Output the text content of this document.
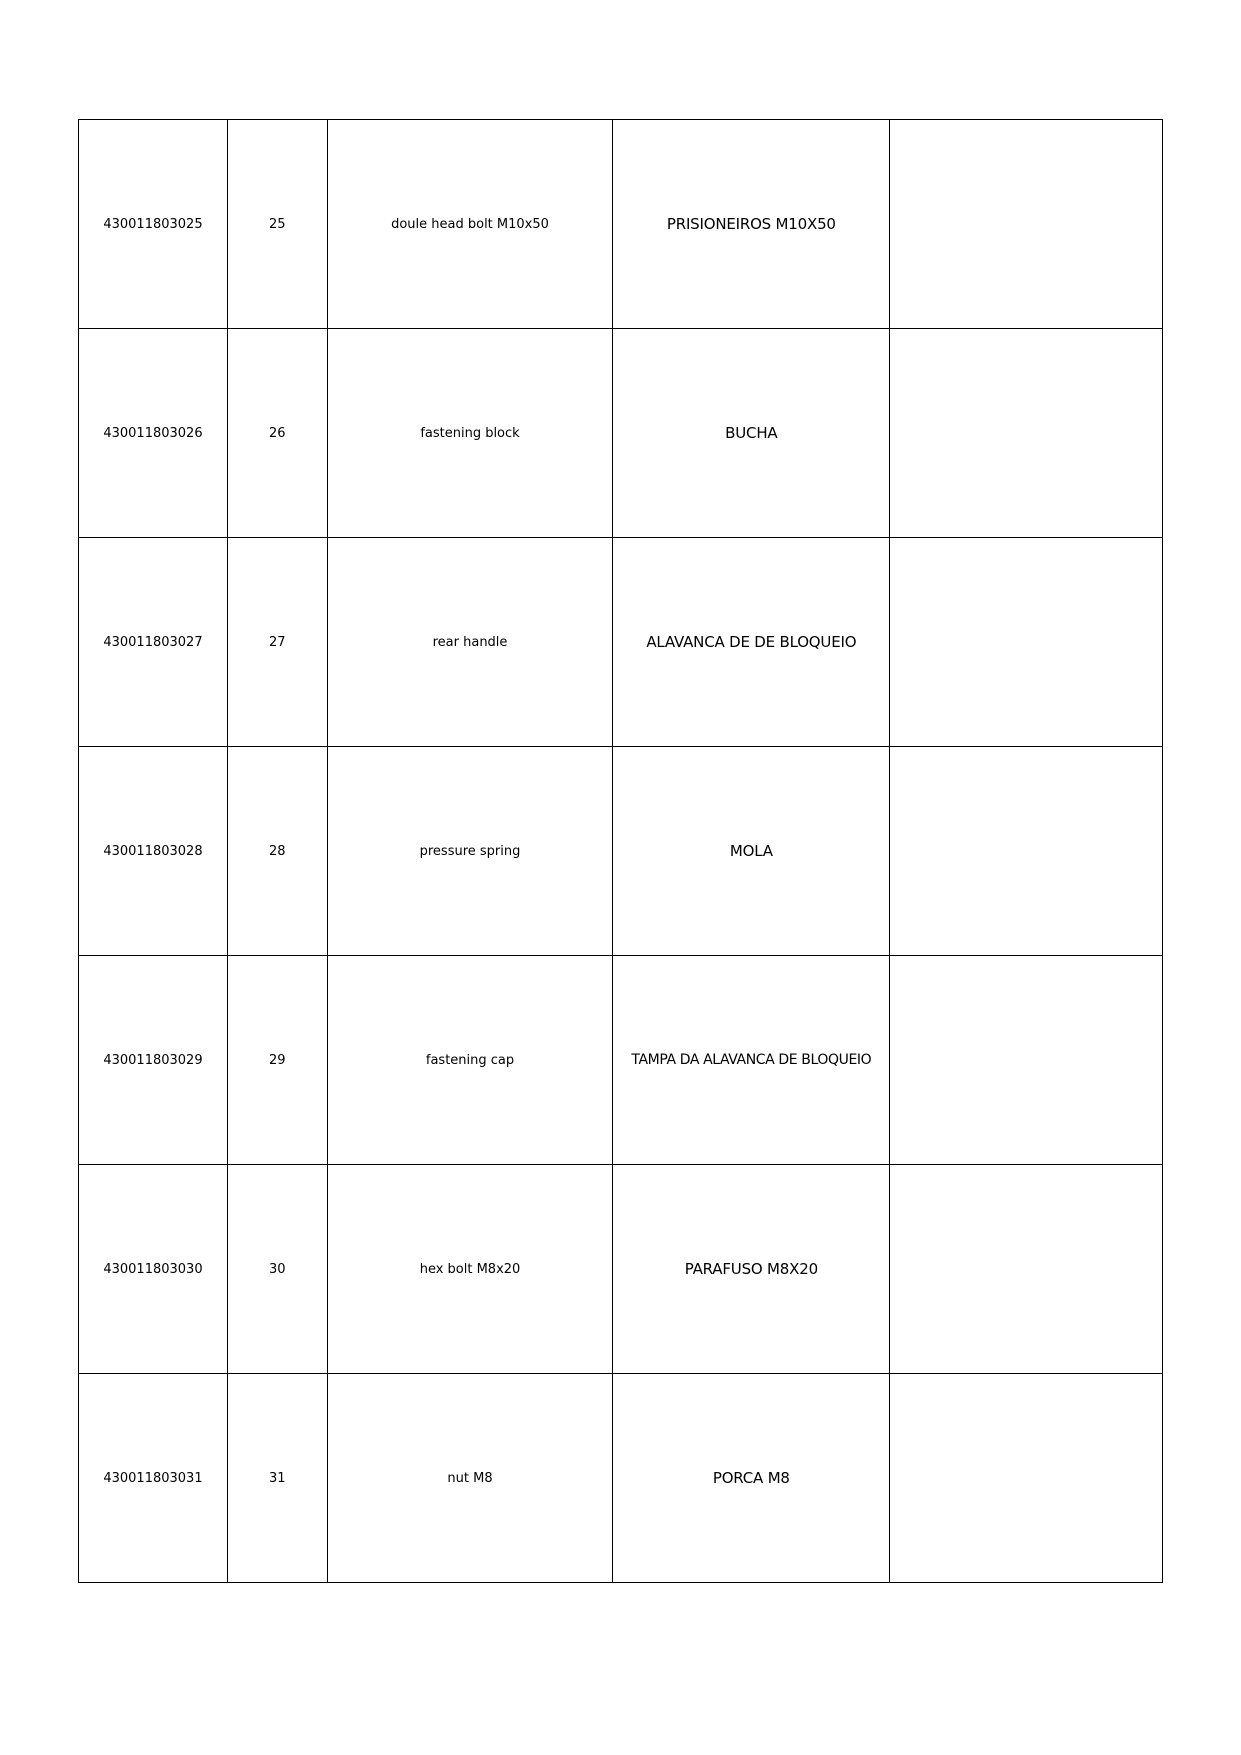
430011803025	25	doule head bolt M10x50	PRISIONEIROS M10X50	
430011803026	26	fastening block	BUCHA	
430011803027	27	rear handle	ALAVANCA DE DE BLOQUEIO	
430011803028	28	pressure spring	MOLA	
430011803029	29	fastening cap	TAMPA DA ALAVANCA DE BLOQUEIO	
430011803030	30	hex bolt M8x20	PARAFUSO M8X20	
430011803031	31	nut M8	PORCA M8	
